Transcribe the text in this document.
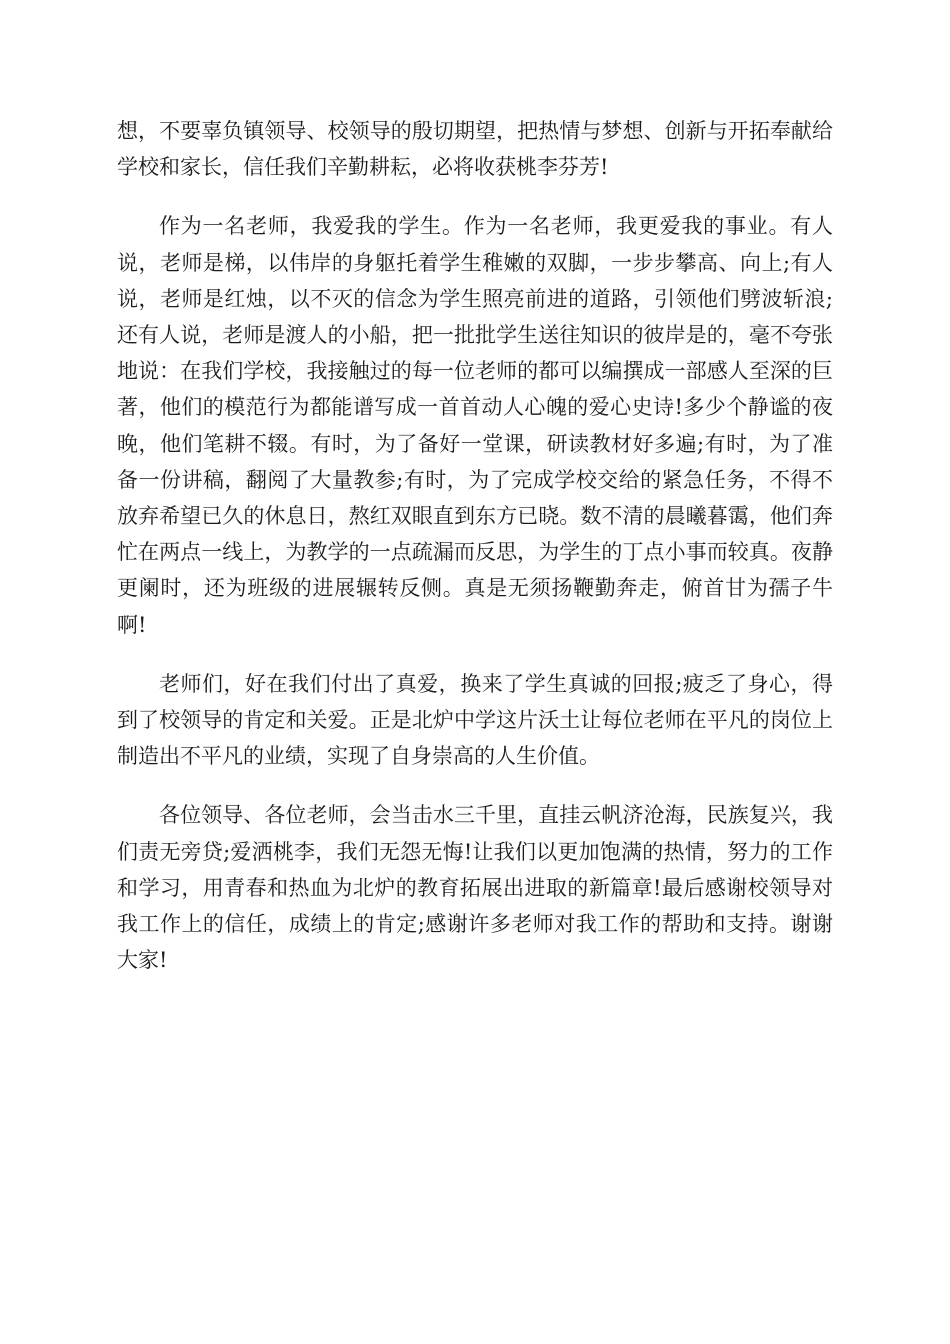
想，不要辜负镇领导、校领导的殷切期望，把热情与梦想、创新与开拓奉献给学校和家长，信任我们辛勤耕耘，必将收获桃李芬芳!

作为一名老师，我爱我的学生。作为一名老师，我更爱我的事业。有人说，老师是梯，以伟岸的身躯托着学生稚嫩的双脚，一步步攀高、向上;有人说，老师是红烛，以不灭的信念为学生照亮前进的道路，引领他们劈波斩浪;还有人说，老师是渡人的小船，把一批批学生送往知识的彼岸是的，毫不夸张地说：在我们学校，我接触过的每一位老师的都可以编撰成一部感人至深的巨著，他们的模范行为都能谱写成一首首动人心魄的爱心史诗!多少个静谧的夜晚，他们笔耕不辍。有时，为了备好一堂课，研读教材好多遍;有时，为了准备一份讲稿，翻阅了大量教参;有时，为了完成学校交给的紧急任务，不得不放弃希望已久的休息日，熬红双眼直到东方已晓。数不清的晨曦暮霭，他们奔忙在两点一线上，为教学的一点疏漏而反思，为学生的丁点小事而较真。夜静更阑时，还为班级的进展辗转反侧。真是无须扬鞭勤奔走，俯首甘为孺子牛啊!

老师们，好在我们付出了真爱，换来了学生真诚的回报;疲乏了身心，得到了校领导的肯定和关爱。正是北炉中学这片沃土让每位老师在平凡的岗位上制造出不平凡的业绩，实现了自身崇高的人生价值。

各位领导、各位老师，会当击水三千里，直挂云帆济沧海，民族复兴，我们责无旁贷;爱洒桃李，我们无怨无悔!让我们以更加饱满的热情，努力的工作和学习，用青春和热血为北炉的教育拓展出进取的新篇章!最后感谢校领导对我工作上的信任，成绩上的肯定;感谢许多老师对我工作的帮助和支持。谢谢大家!
